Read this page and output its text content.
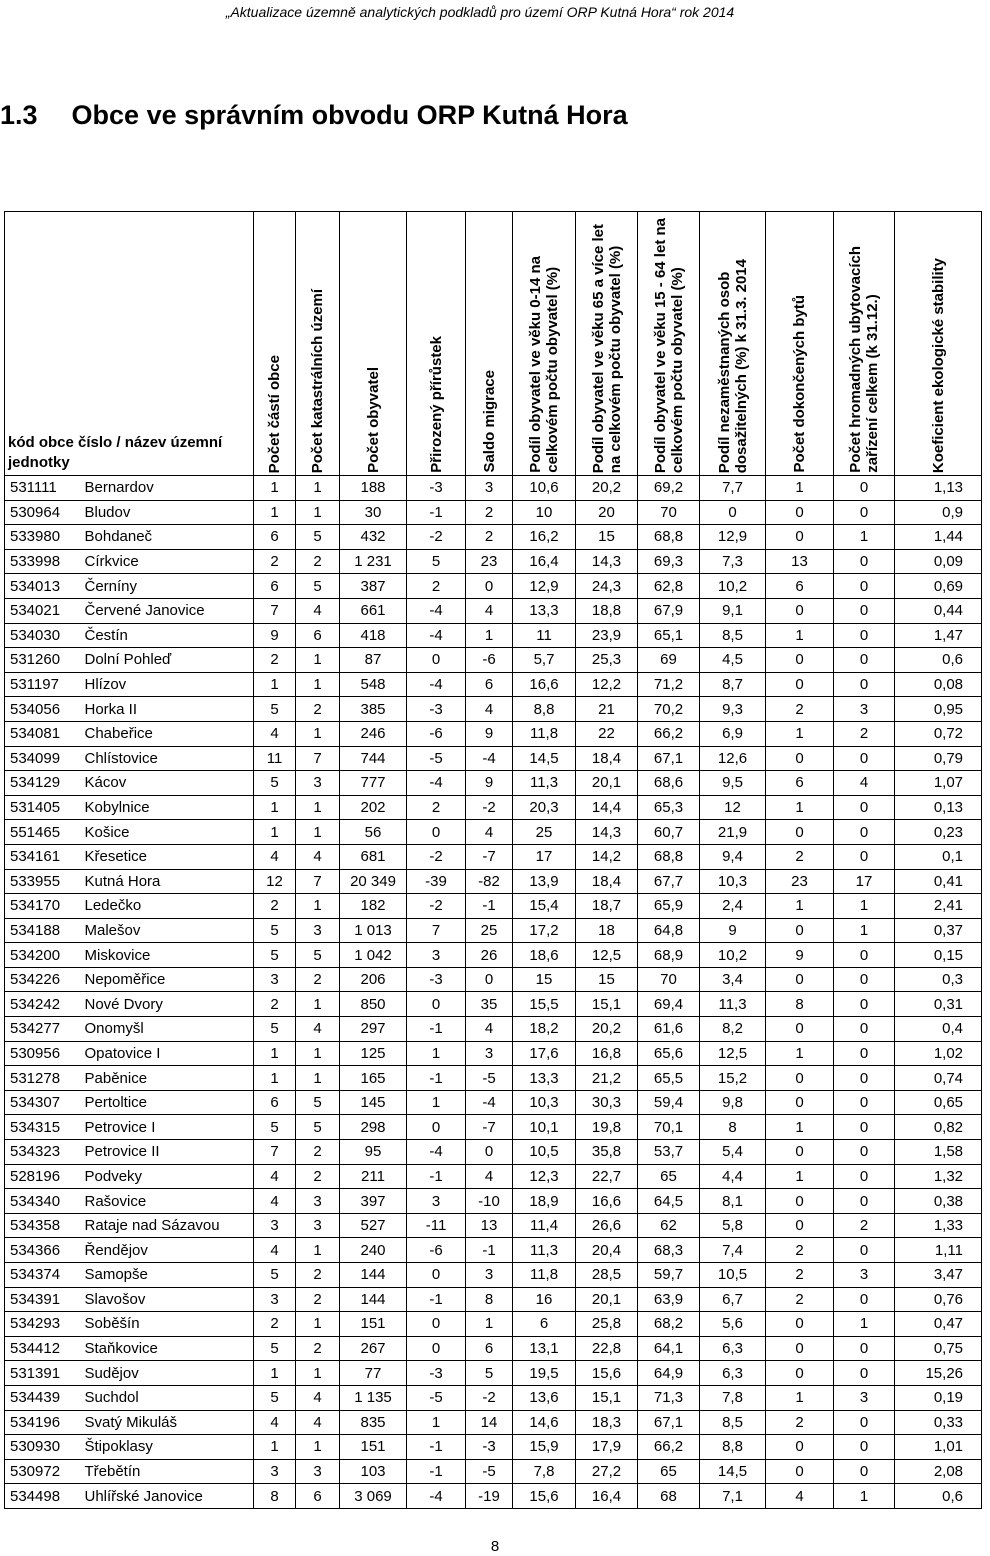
„Aktualizace územně analytických podkladů pro území ORP Kutná Hora“ rok 2014
1.3 Obce ve správním obvodu ORP Kutná Hora
kód obce číslo / název územní jednotky		Počet částí obce	Počet katastrálních území	Počet obyvatel	Přirozený přírůstek	Saldo migrace	Podíl obyvatel ve věku 0-14 na
celkovém počtu obyvatel (%)	Podíl obyvatel ve věku 65 a více let
na celkovém počtu obyvatel (%)	Podíl obyvatel ve věku 15 - 64 let na
celkovém počtu obyvatel (%)	Podíl nezaměstnaných osob
dosažitelných (%) k 31.3. 2014	Počet dokončených bytů	Počet hromadných ubytovacích
zařízení celkem (k 31.12.)	Koeficient ekologické stability

531111	Bernardov	1	1	188	-3	3	10,6	20,2	69,2	7,7	1	0	1,13
530964	Bludov	1	1	30	-1	2	10	20	70	0	0	0	0,9
533980	Bohdaneč	6	5	432	-2	2	16,2	15	68,8	12,9	0	1	1,44
533998	Církvice	2	2	1 231	5	23	16,4	14,3	69,3	7,3	13	0	0,09
534013	Černíny	6	5	387	2	0	12,9	24,3	62,8	10,2	6	0	0,69
534021	Červené Janovice	7	4	661	-4	4	13,3	18,8	67,9	9,1	0	0	0,44
534030	Čestín	9	6	418	-4	1	11	23,9	65,1	8,5	1	0	1,47
531260	Dolní Pohleď	2	1	87	0	-6	5,7	25,3	69	4,5	0	0	0,6
531197	Hlízov	1	1	548	-4	6	16,6	12,2	71,2	8,7	0	0	0,08
534056	Horka II	5	2	385	-3	4	8,8	21	70,2	9,3	2	3	0,95
534081	Chabeřice	4	1	246	-6	9	11,8	22	66,2	6,9	1	2	0,72
534099	Chlístovice	11	7	744	-5	-4	14,5	18,4	67,1	12,6	0	0	0,79
534129	Kácov	5	3	777	-4	9	11,3	20,1	68,6	9,5	6	4	1,07
531405	Kobylnice	1	1	202	2	-2	20,3	14,4	65,3	12	1	0	0,13
551465	Košice	1	1	56	0	4	25	14,3	60,7	21,9	0	0	0,23
534161	Křesetice	4	4	681	-2	-7	17	14,2	68,8	9,4	2	0	0,1
533955	Kutná Hora	12	7	20 349	-39	-82	13,9	18,4	67,7	10,3	23	17	0,41
534170	Ledečko	2	1	182	-2	-1	15,4	18,7	65,9	2,4	1	1	2,41
534188	Malešov	5	3	1 013	7	25	17,2	18	64,8	9	0	1	0,37
534200	Miskovice	5	5	1 042	3	26	18,6	12,5	68,9	10,2	9	0	0,15
534226	Nepoměřice	3	2	206	-3	0	15	15	70	3,4	0	0	0,3
534242	Nové Dvory	2	1	850	0	35	15,5	15,1	69,4	11,3	8	0	0,31
534277	Onomyšl	5	4	297	-1	4	18,2	20,2	61,6	8,2	0	0	0,4
530956	Opatovice I	1	1	125	1	3	17,6	16,8	65,6	12,5	1	0	1,02
531278	Paběnice	1	1	165	-1	-5	13,3	21,2	65,5	15,2	0	0	0,74
534307	Pertoltice	6	5	145	1	-4	10,3	30,3	59,4	9,8	0	0	0,65
534315	Petrovice I	5	5	298	0	-7	10,1	19,8	70,1	8	1	0	0,82
534323	Petrovice II	7	2	95	-4	0	10,5	35,8	53,7	5,4	0	0	1,58
528196	Podveky	4	2	211	-1	4	12,3	22,7	65	4,4	1	0	1,32
534340	Rašovice	4	3	397	3	-10	18,9	16,6	64,5	8,1	0	0	0,38
534358	Rataje nad Sázavou	3	3	527	-11	13	11,4	26,6	62	5,8	0	2	1,33
534366	Řendějov	4	1	240	-6	-1	11,3	20,4	68,3	7,4	2	0	1,11
534374	Samopše	5	2	144	0	3	11,8	28,5	59,7	10,5	2	3	3,47
534391	Slavošov	3	2	144	-1	8	16	20,1	63,9	6,7	2	0	0,76
534293	Soběšín	2	1	151	0	1	6	25,8	68,2	5,6	0	1	0,47
534412	Staňkovice	5	2	267	0	6	13,1	22,8	64,1	6,3	0	0	0,75
531391	Sudějov	1	1	77	-3	5	19,5	15,6	64,9	6,3	0	0	15,26
534439	Suchdol	5	4	1 135	-5	-2	13,6	15,1	71,3	7,8	1	3	0,19
534196	Svatý Mikuláš	4	4	835	1	14	14,6	18,3	67,1	8,5	2	0	0,33
530930	Štipoklasy	1	1	151	-1	-3	15,9	17,9	66,2	8,8	0	0	1,01
530972	Třebětín	3	3	103	-1	-5	7,8	27,2	65	14,5	0	0	2,08
534498	Uhlířské Janovice	8	6	3 069	-4	-19	15,6	16,4	68	7,1	4	1	0,6
8
